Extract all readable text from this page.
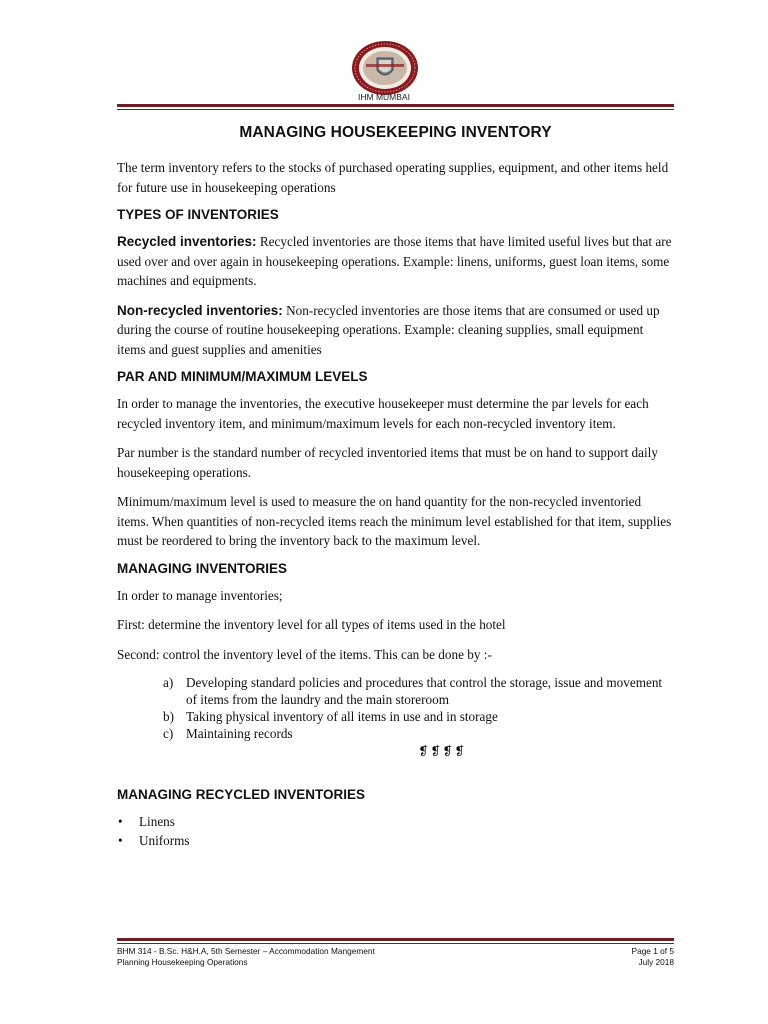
IHM MUMBAI
MANAGING HOUSEKEEPING INVENTORY

The term inventory refers to the stocks of purchased operating supplies, equipment, and other items held for future use in housekeeping operations

TYPES OF INVENTORIES

Recycled inventories: Recycled inventories are those items that have limited useful lives but that are used over and over again in housekeeping operations. Example: linens, uniforms, guest loan items, some machines and equipments.

Non-recycled inventories: Non-recycled inventories are those items that are consumed or used up during the course of routine housekeeping operations. Example: cleaning supplies, small equipment items and guest supplies and amenities

PAR AND MINIMUM/MAXIMUM LEVELS

In order to manage the inventories, the executive housekeeper must determine the par levels for each recycled inventory item, and minimum/maximum levels for each non-recycled inventory item.

Par number is the standard number of recycled inventoried items that must be on hand to support daily housekeeping operations.

Minimum/maximum level is used to measure the on hand quantity for the non-recycled inventoried items. When quantities of non-recycled items reach the minimum level established for that item, supplies must be reordered to bring the inventory back to the maximum level.

MANAGING INVENTORIES

In order to manage inventories;

First: determine the inventory level for all types of items used in the hotel

Second: control the inventory level of the items. This can be done by :-

a) Developing standard policies and procedures that control the storage, issue and movement of items from the laundry and the main storeroom
b) Taking physical inventory of all items in use and in storage
c) Maintaining records
❡❡❡❡
MANAGING RECYCLED INVENTORIES
• Linens
• Uniforms
BHM 314 - B.Sc. H&H.A, 5th Semester – Accommodation Mangement	Page 1 of 5
Planning Housekeeping Operations	July 2018
